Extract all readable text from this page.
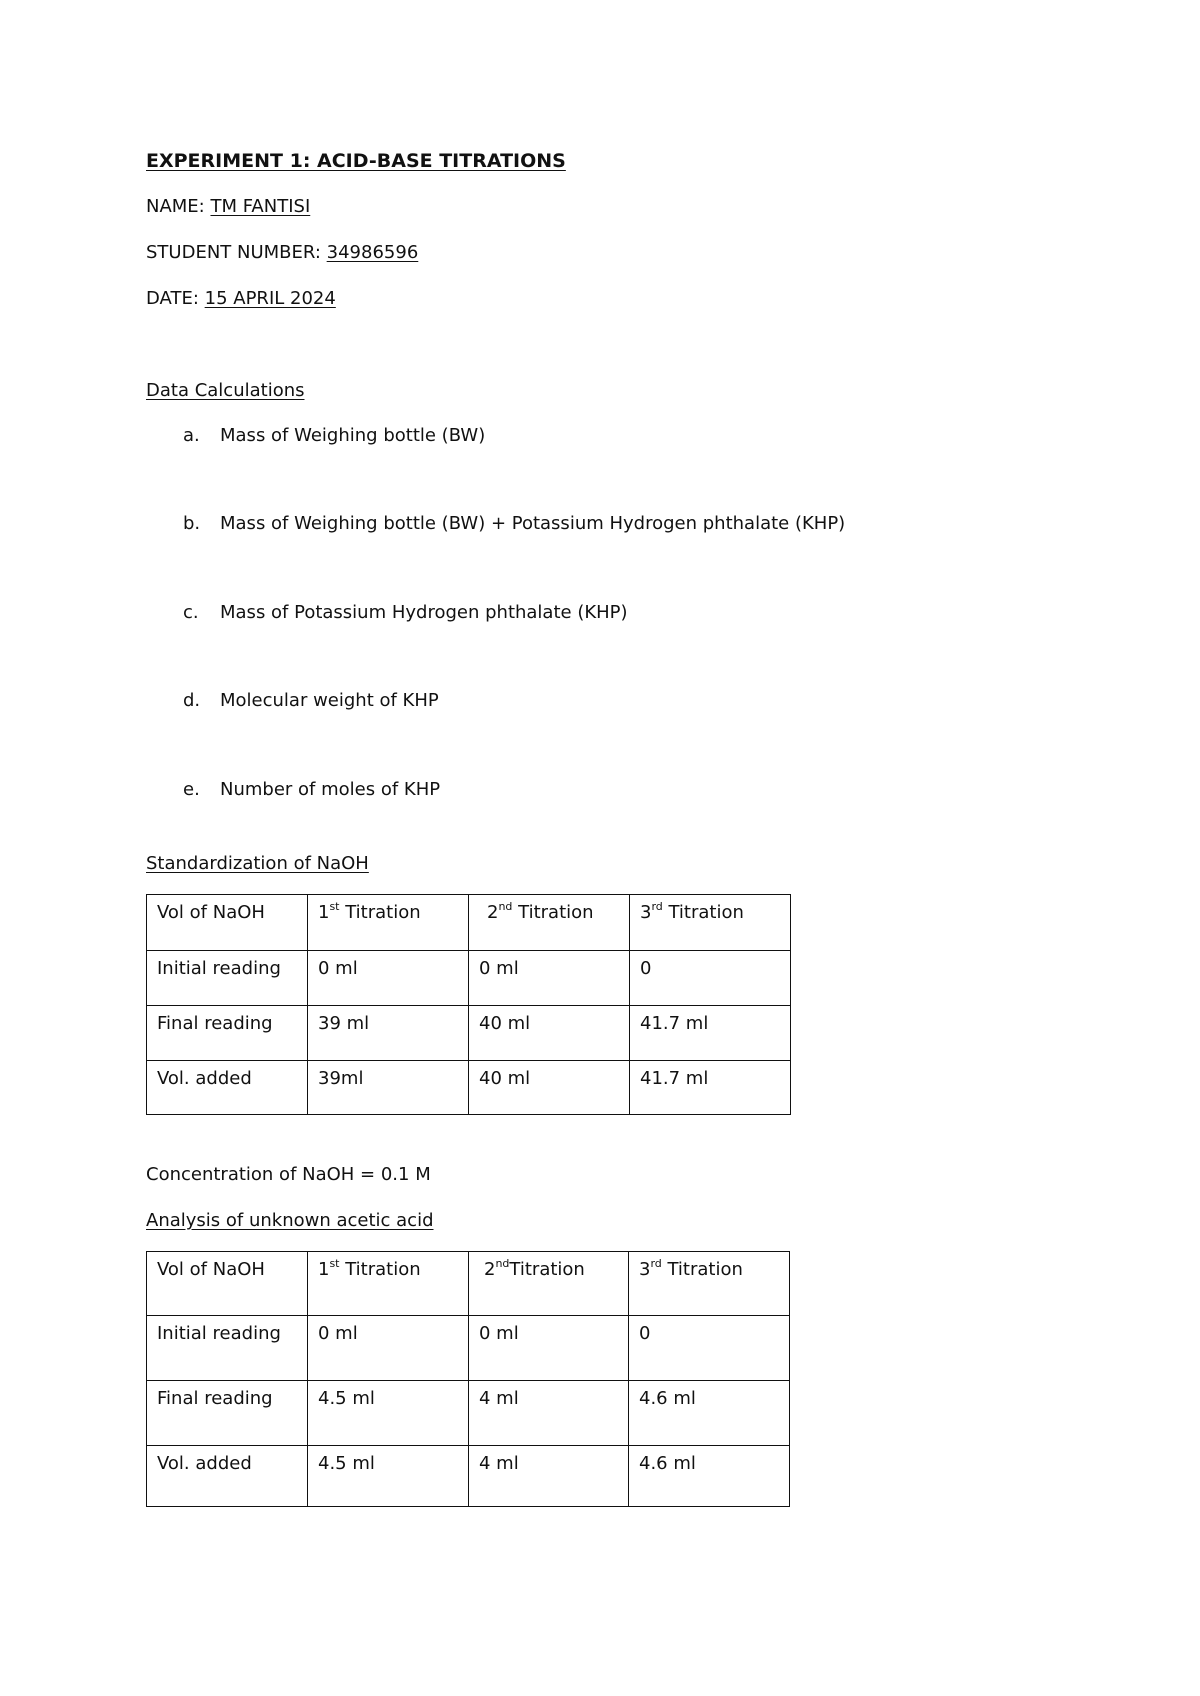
EXPERIMENT 1: ACID-BASE TITRATIONS
NAME: TM FANTISI
STUDENT NUMBER: 34986596
DATE: 15 APRIL 2024
Data Calculations
a. Mass of Weighing bottle (BW)
b. Mass of Weighing bottle (BW) + Potassium Hydrogen phthalate (KHP)
c. Mass of Potassium Hydrogen phthalate (KHP)
d. Molecular weight of KHP
e. Number of moles of KHP
Standardization of NaOH
Vol of NaOH	1st Titration	2nd Titration	3rd Titration
Initial reading	0 ml	0 ml	0
Final reading	39 ml	40 ml	41.7 ml
Vol. added	39ml	40 ml	41.7 ml
Concentration of NaOH = 0.1 M
Analysis of unknown acetic acid
Vol of NaOH	1st Titration	2ndTitration	3rd Titration
Initial reading	0 ml	0 ml	0
Final reading	4.5 ml	4 ml	4.6 ml
Vol. added	4.5 ml	4 ml	4.6 ml
